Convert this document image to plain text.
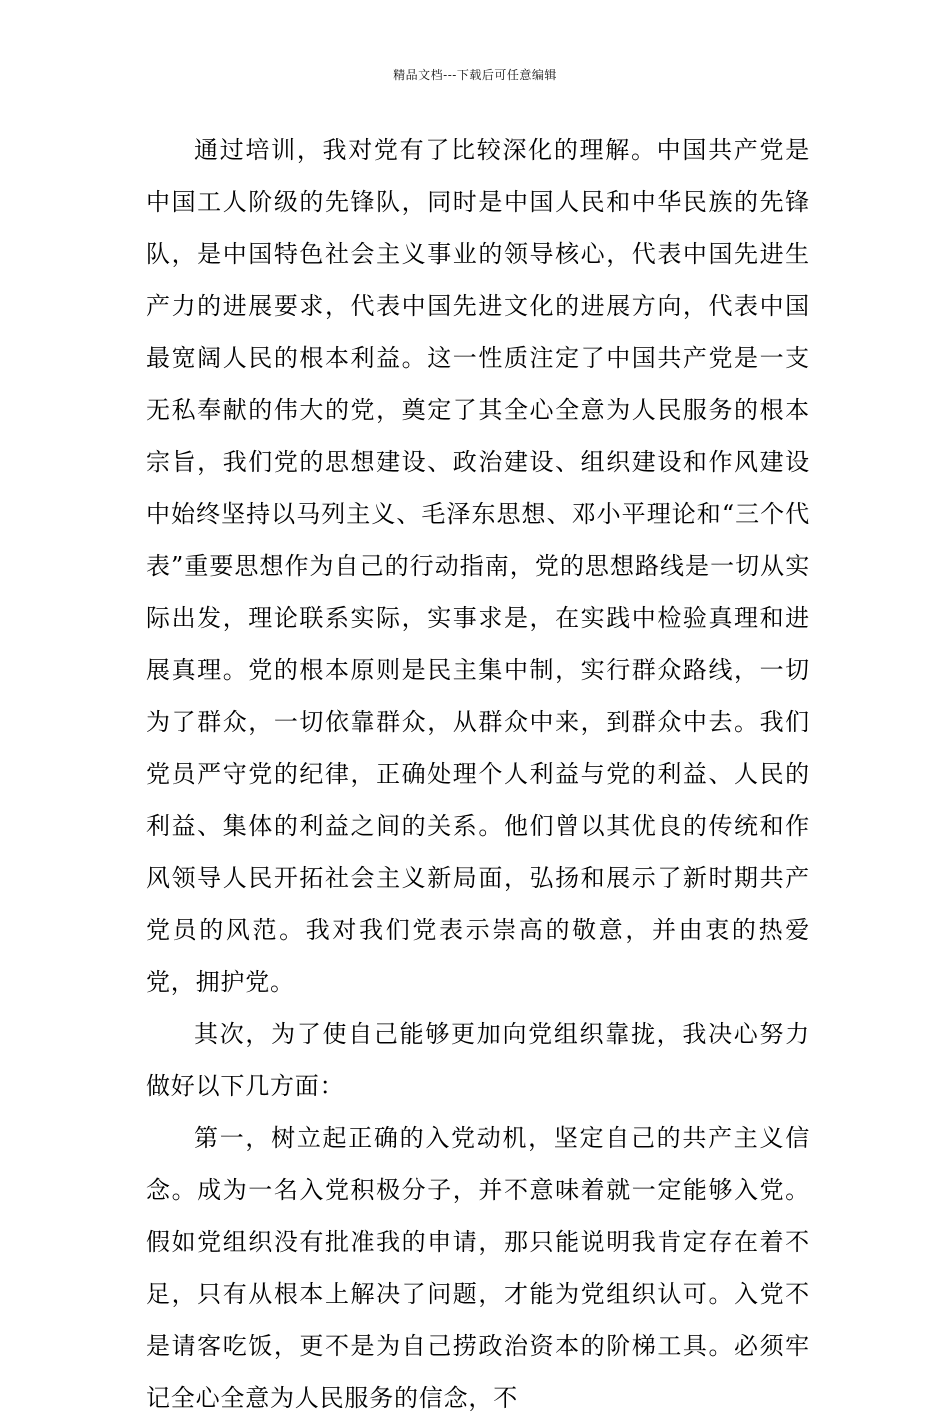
精品文档---下载后可任意编辑

通过培训，我对党有了比较深化的理解。中国共产党是中国工人阶级的先锋队，同时是中国人民和中华民族的先锋队，是中国特色社会主义事业的领导核心，代表中国先进生产力的进展要求，代表中国先进文化的进展方向，代表中国最宽阔人民的根本利益。这一性质注定了中国共产党是一支无私奉献的伟大的党，奠定了其全心全意为人民服务的根本宗旨，我们党的思想建设、政治建设、组织建设和作风建设中始终坚持以马列主义、毛泽东思想、邓小平理论和“三个代表”重要思想作为自己的行动指南，党的思想路线是一切从实际出发，理论联系实际，实事求是，在实践中检验真理和进展真理。党的根本原则是民主集中制，实行群众路线，一切为了群众，一切依靠群众，从群众中来，到群众中去。我们党员严守党的纪律，正确处理个人利益与党的利益、人民的利益、集体的利益之间的关系。他们曾以其优良的传统和作风领导人民开拓社会主义新局面，弘扬和展示了新时期共产党员的风范。我对我们党表示崇高的敬意，并由衷的热爱党，拥护党。

其次，为了使自己能够更加向党组织靠拢，我决心努力做好以下几方面：

第一，树立起正确的入党动机，坚定自己的共产主义信念。成为一名入党积极分子，并不意味着就一定能够入党。假如党组织没有批准我的申请，那只能说明我肯定存在着不足，只有从根本上解决了问题，才能为党组织认可。入党不是请客吃饭，更不是为自己捞政治资本的阶梯工具。必须牢记全心全意为人民服务的信念，不
